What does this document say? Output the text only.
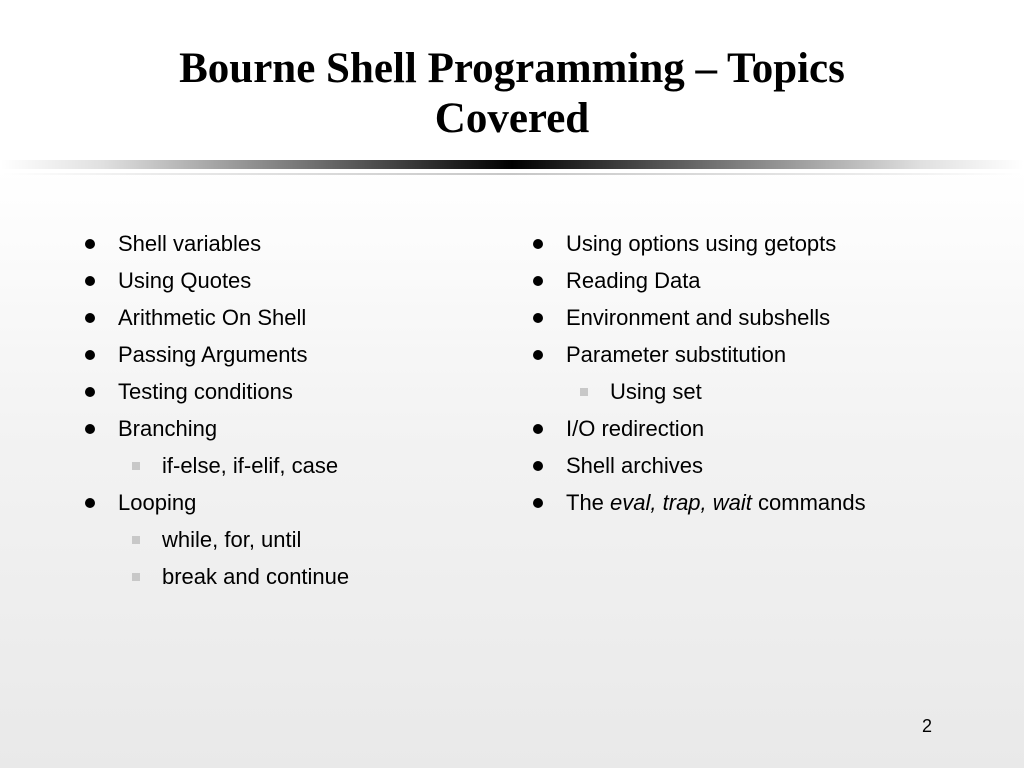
Bourne Shell Programming – Topics
Covered
Shell variables
Using Quotes
Arithmetic On Shell
Passing Arguments
Testing conditions
Branching
if-else, if-elif, case
Looping
while, for, until
break and continue
Using options using getopts
Reading Data
Environment and subshells
Parameter substitution
Using set
I/O redirection
Shell archives
The eval, trap, wait commands
2
